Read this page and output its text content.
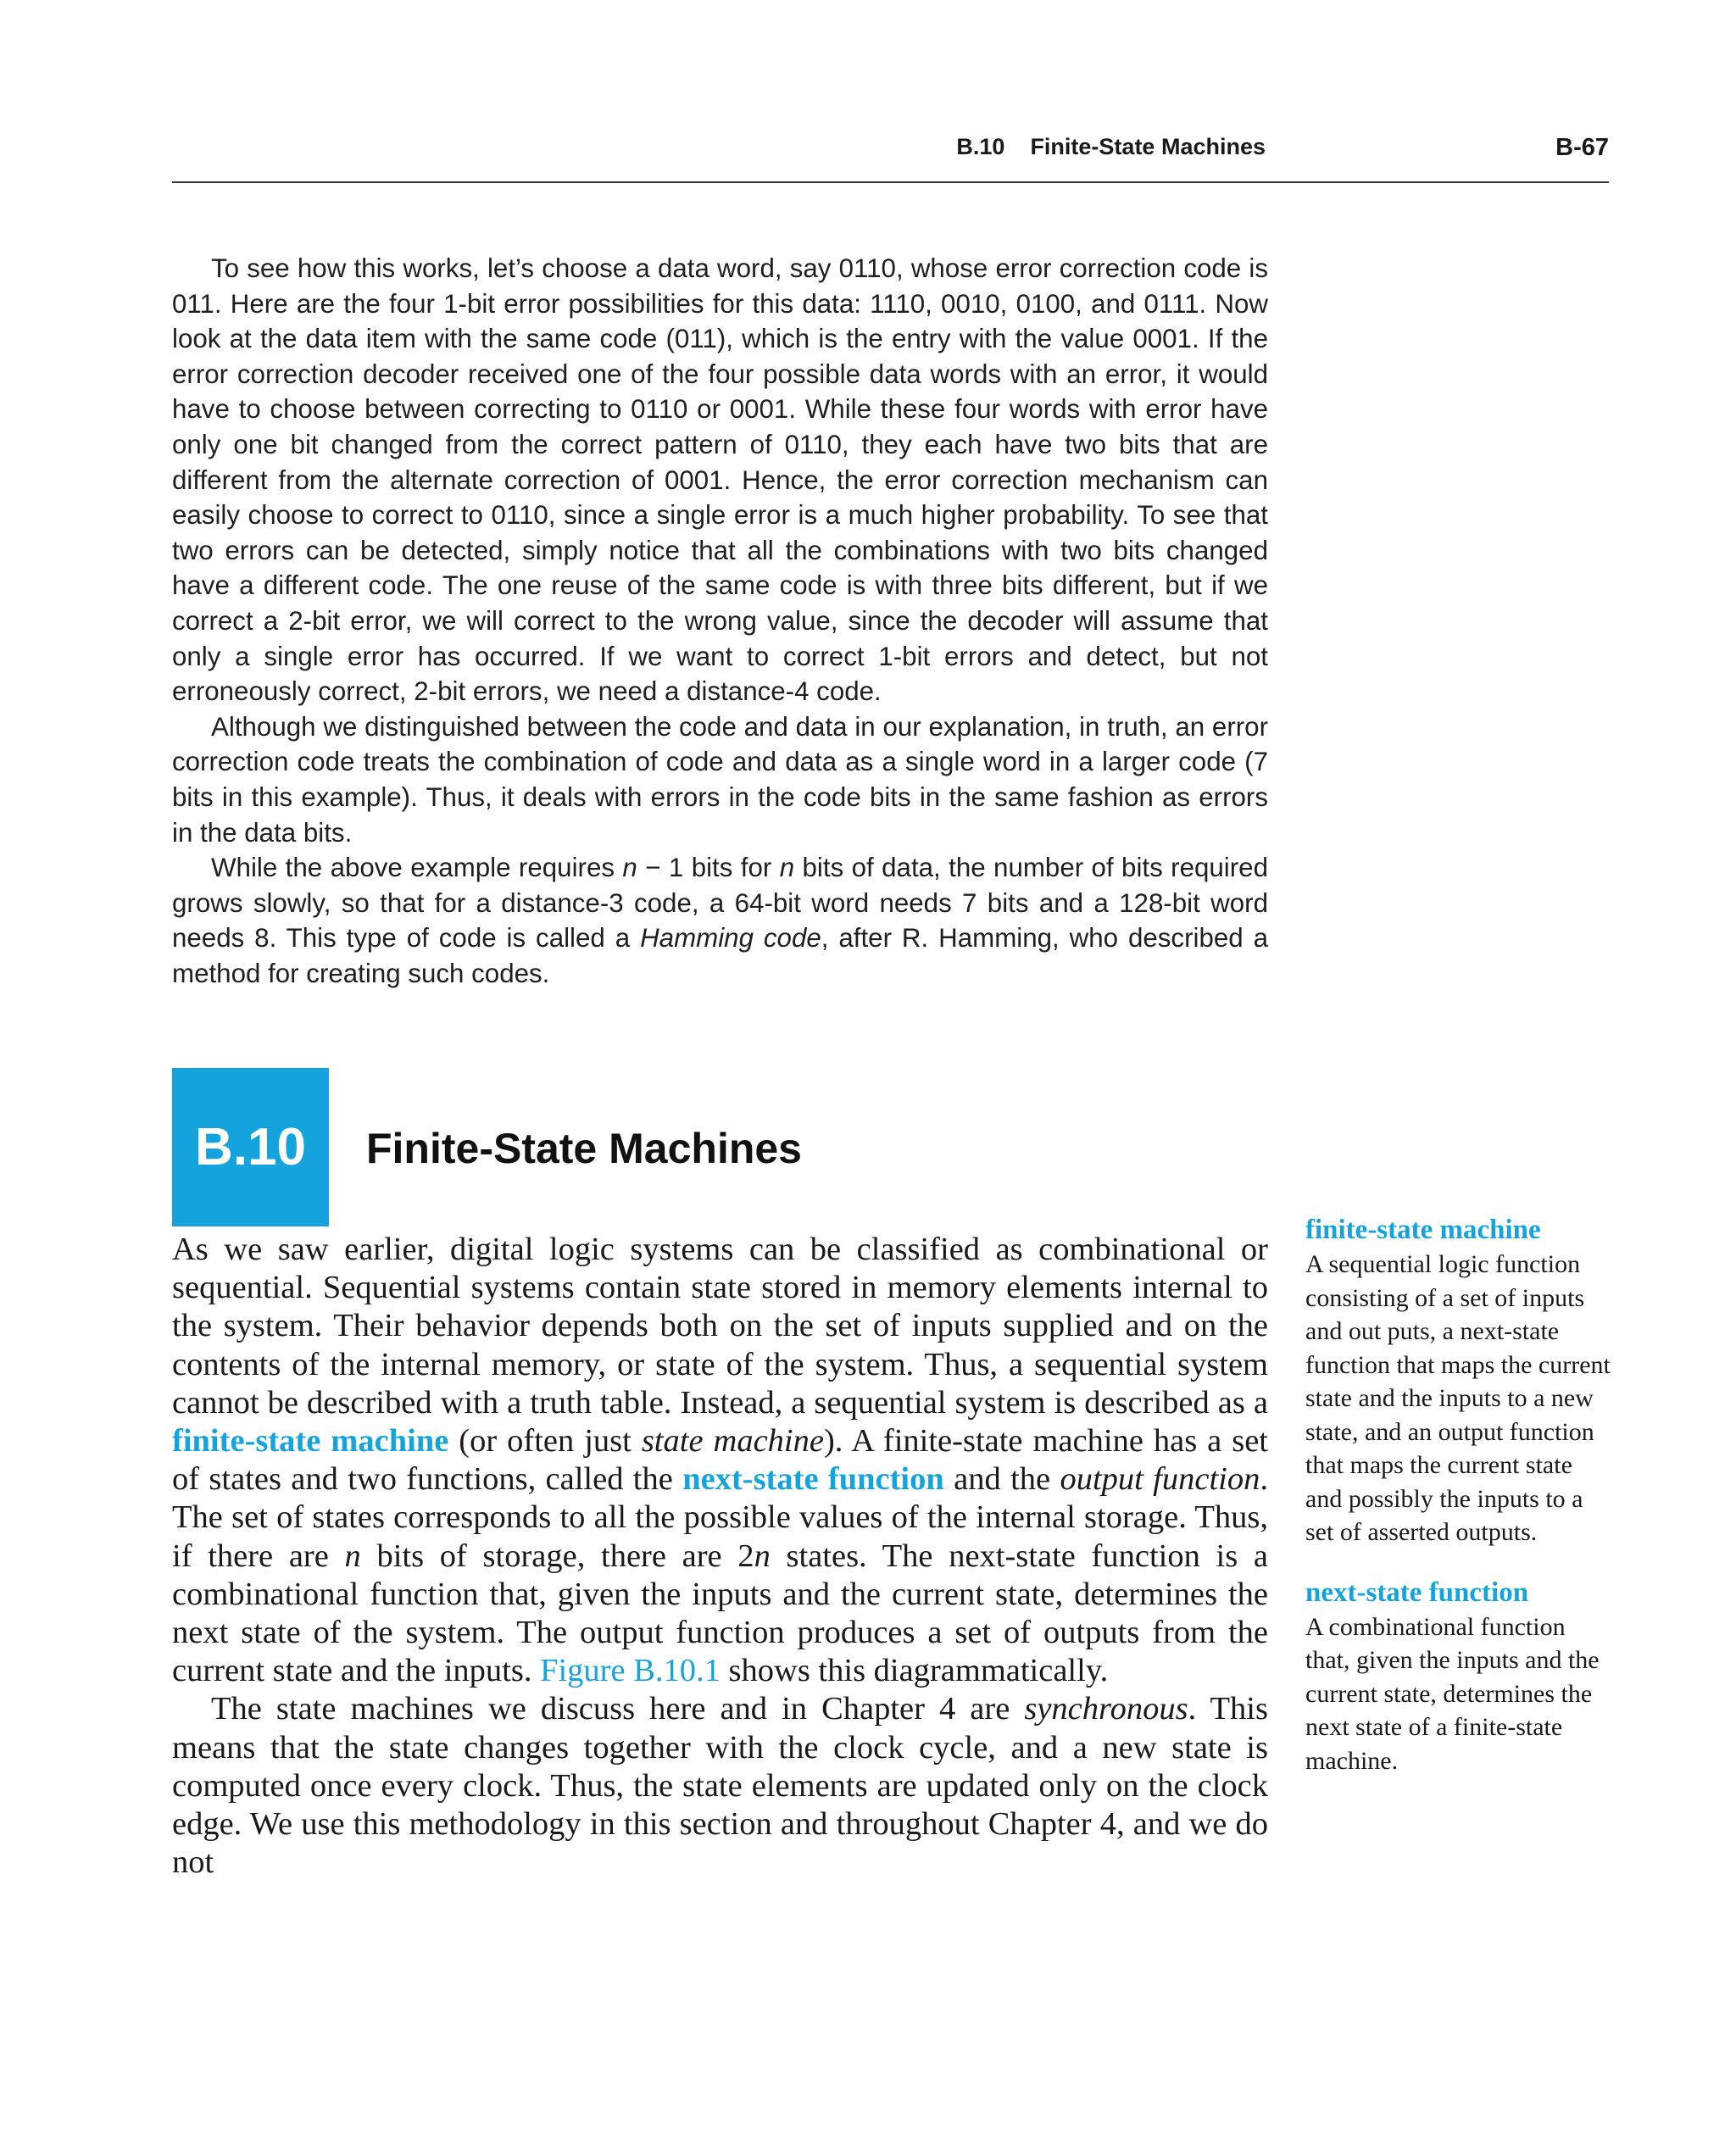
B.10 Finite-State Machines	B-67

To see how this works, let’s choose a data word, say 0110, whose error correction code is 011. Here are the four 1-bit error possibilities for this data: 1110, 0010, 0100, and 0111. Now look at the data item with the same code (011), which is the entry with the value 0001. If the error correction decoder received one of the four possible data words with an error, it would have to choose between correcting to 0110 or 0001. While these four words with error have only one bit changed from the correct pattern of 0110, they each have two bits that are different from the alternate correction of 0001. Hence, the error correction mechanism can easily choose to correct to 0110, since a single error is a much higher probability. To see that two errors can be detected, simply notice that all the combinations with two bits changed have a different code. The one reuse of the same code is with three bits different, but if we correct a 2-bit error, we will correct to the wrong value, since the decoder will assume that only a single error has occurred. If we want to correct 1-bit errors and detect, but not erroneously correct, 2-bit errors, we need a distance-4 code.

Although we distinguished between the code and data in our explanation, in truth, an error correction code treats the combination of code and data as a single word in a larger code (7 bits in this example). Thus, it deals with errors in the code bits in the same fashion as errors in the data bits.

While the above example requires n − 1 bits for n bits of data, the number of bits required grows slowly, so that for a distance-3 code, a 64-bit word needs 7 bits and a 128-bit word needs 8. This type of code is called a Hamming code, after R. Hamming, who described a method for creating such codes.

B.10	Finite-State Machines

As we saw earlier, digital logic systems can be classified as combinational or sequential. Sequential systems contain state stored in memory elements internal to the system. Their behavior depends both on the set of inputs supplied and on the contents of the internal memory, or state of the system. Thus, a sequential system cannot be described with a truth table. Instead, a sequential system is described as a finite-state machine (or often just state machine). A finite-state machine has a set of states and two functions, called the next-state function and the output function. The set of states corresponds to all the possible values of the internal storage. Thus, if there are n bits of storage, there are 2n states. The next-state function is a combinational function that, given the inputs and the current state, determines the next state of the system. The output function produces a set of outputs from the current state and the inputs. Figure B.10.1 shows this diagrammatically.

The state machines we discuss here and in Chapter 4 are synchronous. This means that the state changes together with the clock cycle, and a new state is computed once every clock. Thus, the state elements are updated only on the clock edge. We use this methodology in this section and throughout Chapter 4, and we do not

finite-state machine
A sequential logic function consisting of a set of inputs and out puts, a next-state function that maps the current state and the inputs to a new state, and an output function that maps the current state and possibly the inputs to a set of asserted outputs.
next-state function
A combinational function that, given the inputs and the current state, determines the next state of a finite-state machine.
